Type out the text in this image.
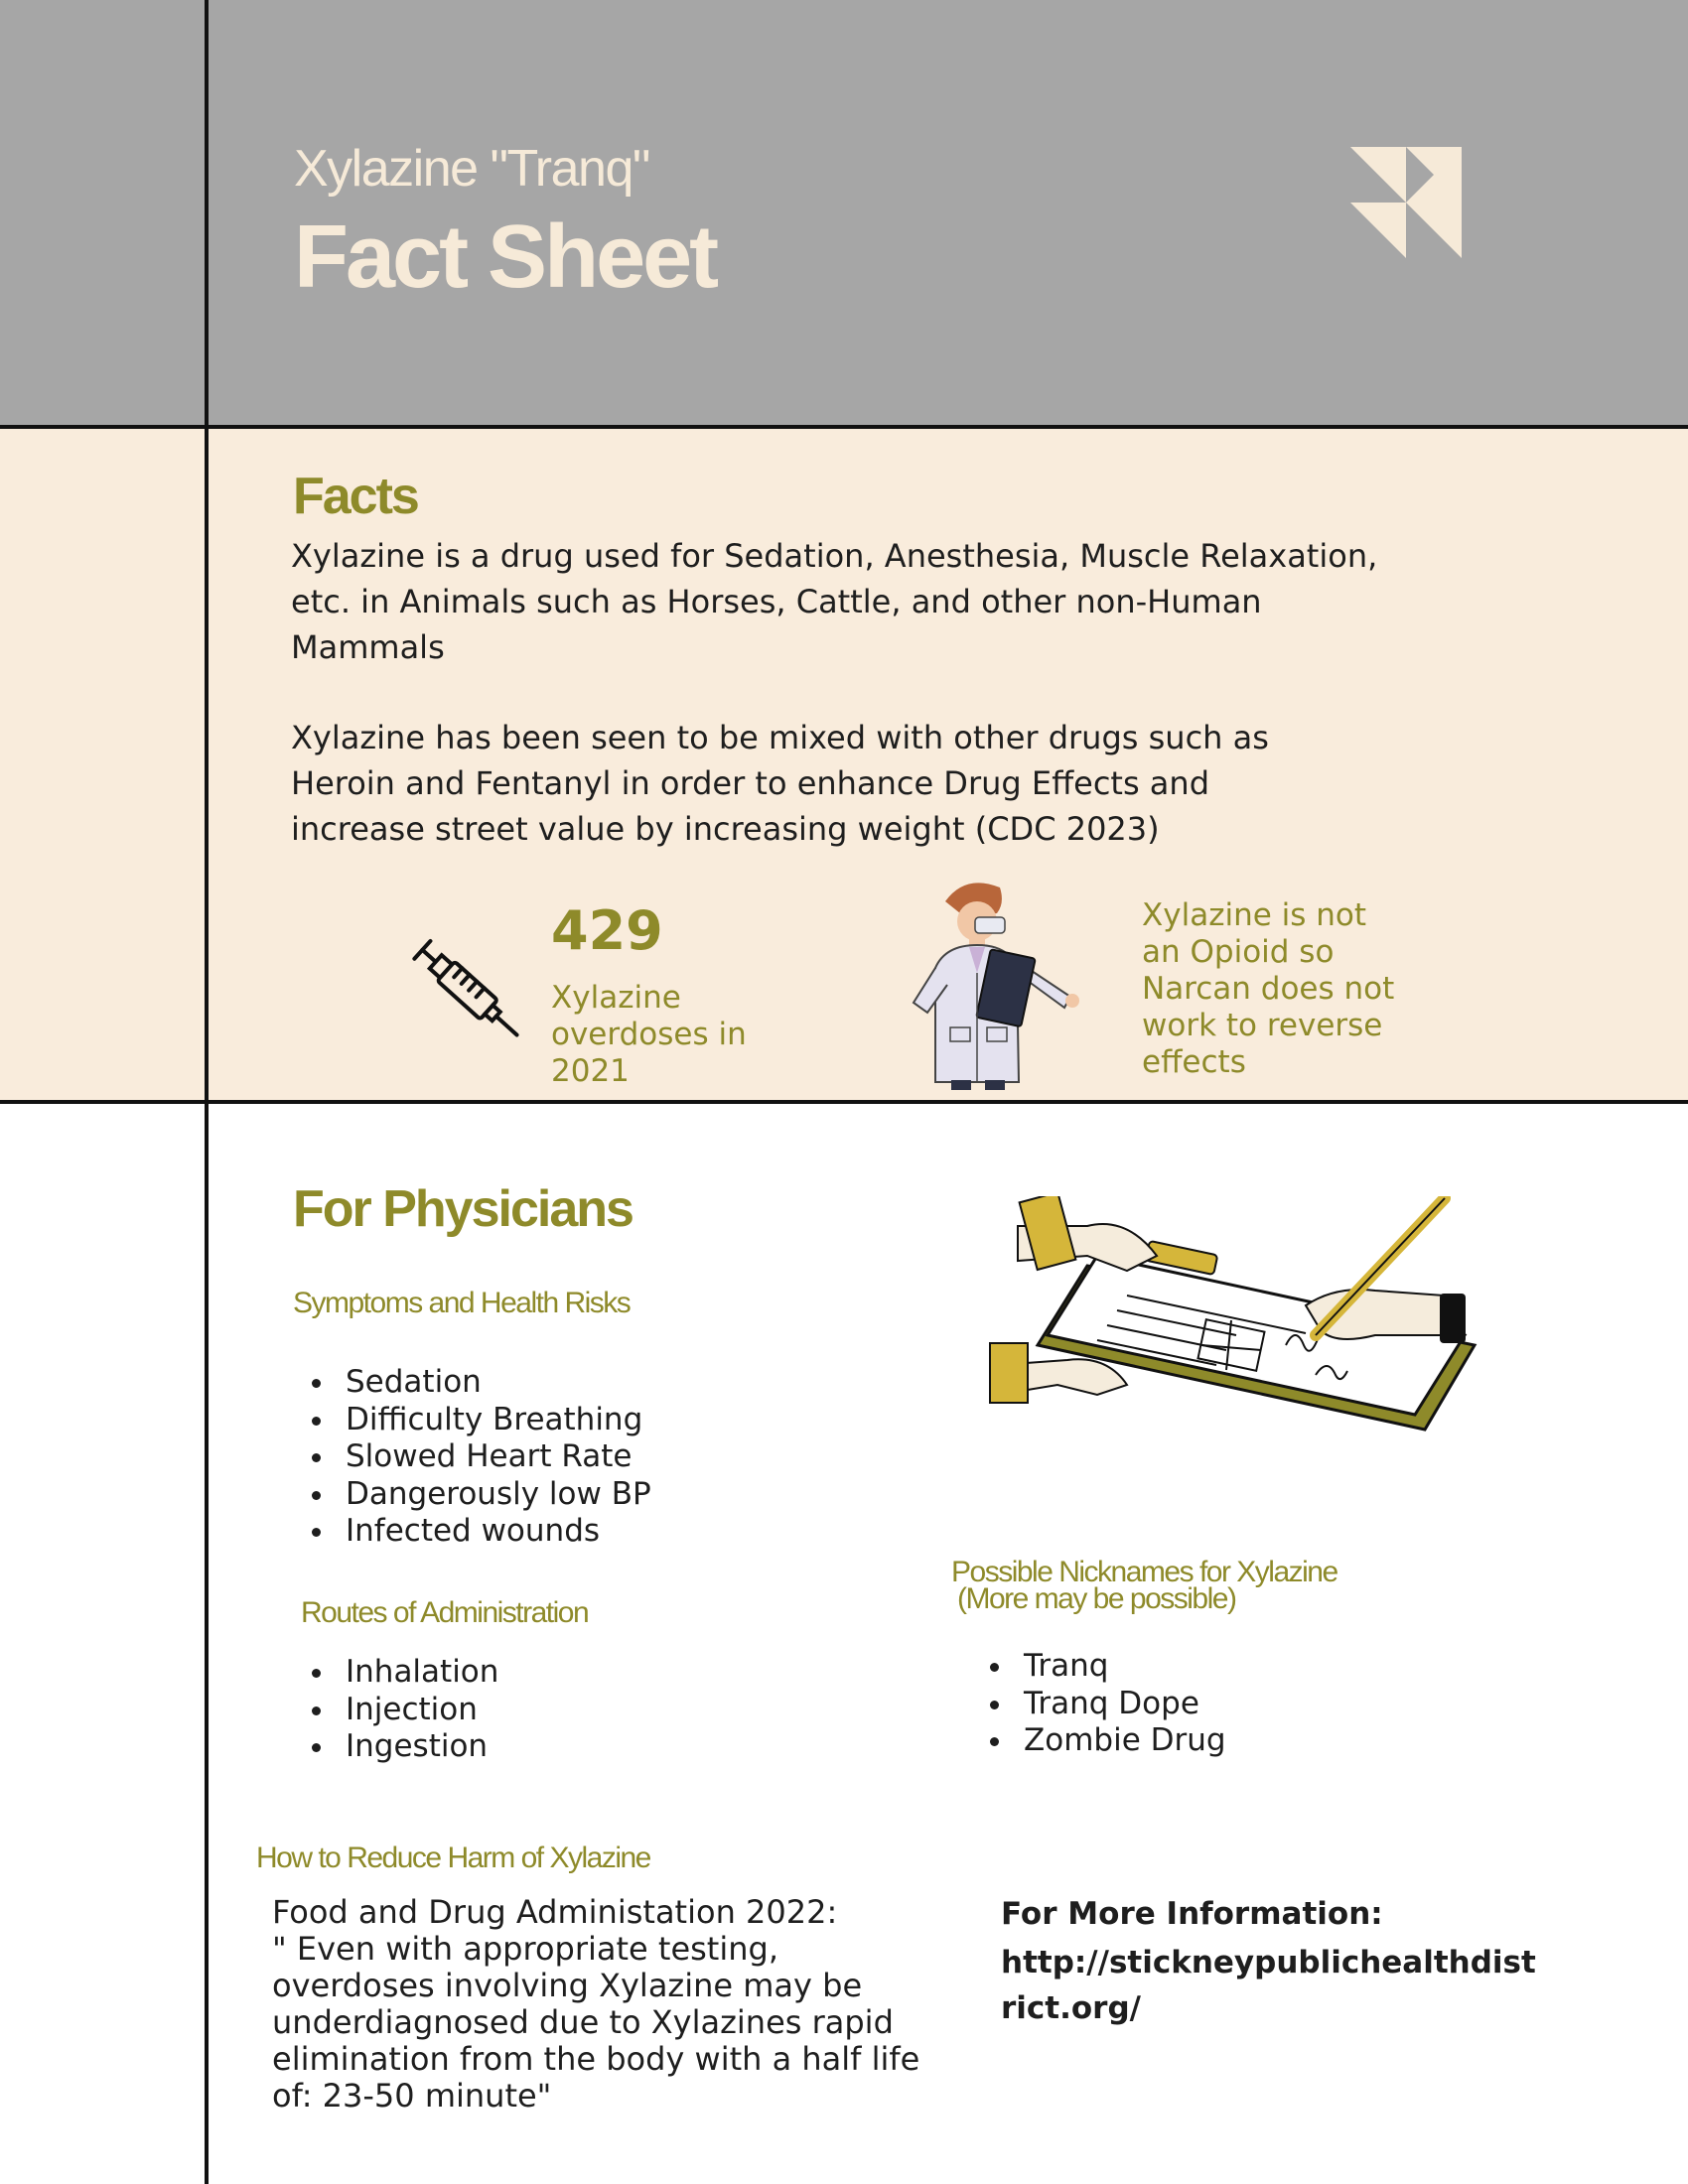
Xylazine "Tranq"
Fact Sheet
Facts

Xylazine is a drug used for Sedation, Anesthesia, Muscle Relaxation, etc. in Animals such as Horses, Cattle, and other non-Human Mammals

Xylazine has been seen to be mixed with other drugs such as Heroin and Fentanyl in order to enhance Drug Effects and increase street value by increasing weight (CDC 2023)

429

Xylazine overdoses in 2021

Xylazine is not an Opioid so Narcan does not work to reverse effects

For Physicians
Symptoms and Health Risks
Sedation
Difficulty Breathing
Slowed Heart Rate
Dangerously low BP
Infected wounds
Routes of Administration
Inhalation
Injection
Ingestion
Possible Nicknames for Xylazine
(More may be possible)
Tranq
Tranq Dope
Zombie Drug
How to Reduce Harm of Xylazine

Food and Drug Administation 2022:
" Even with appropriate testing,
overdoses involving Xylazine may be
underdiagnosed due to Xylazines rapid
elimination from the body with a half life
of: 23-50 minute"

For More Information:
http://stickneypublichealthdistrict.org/
